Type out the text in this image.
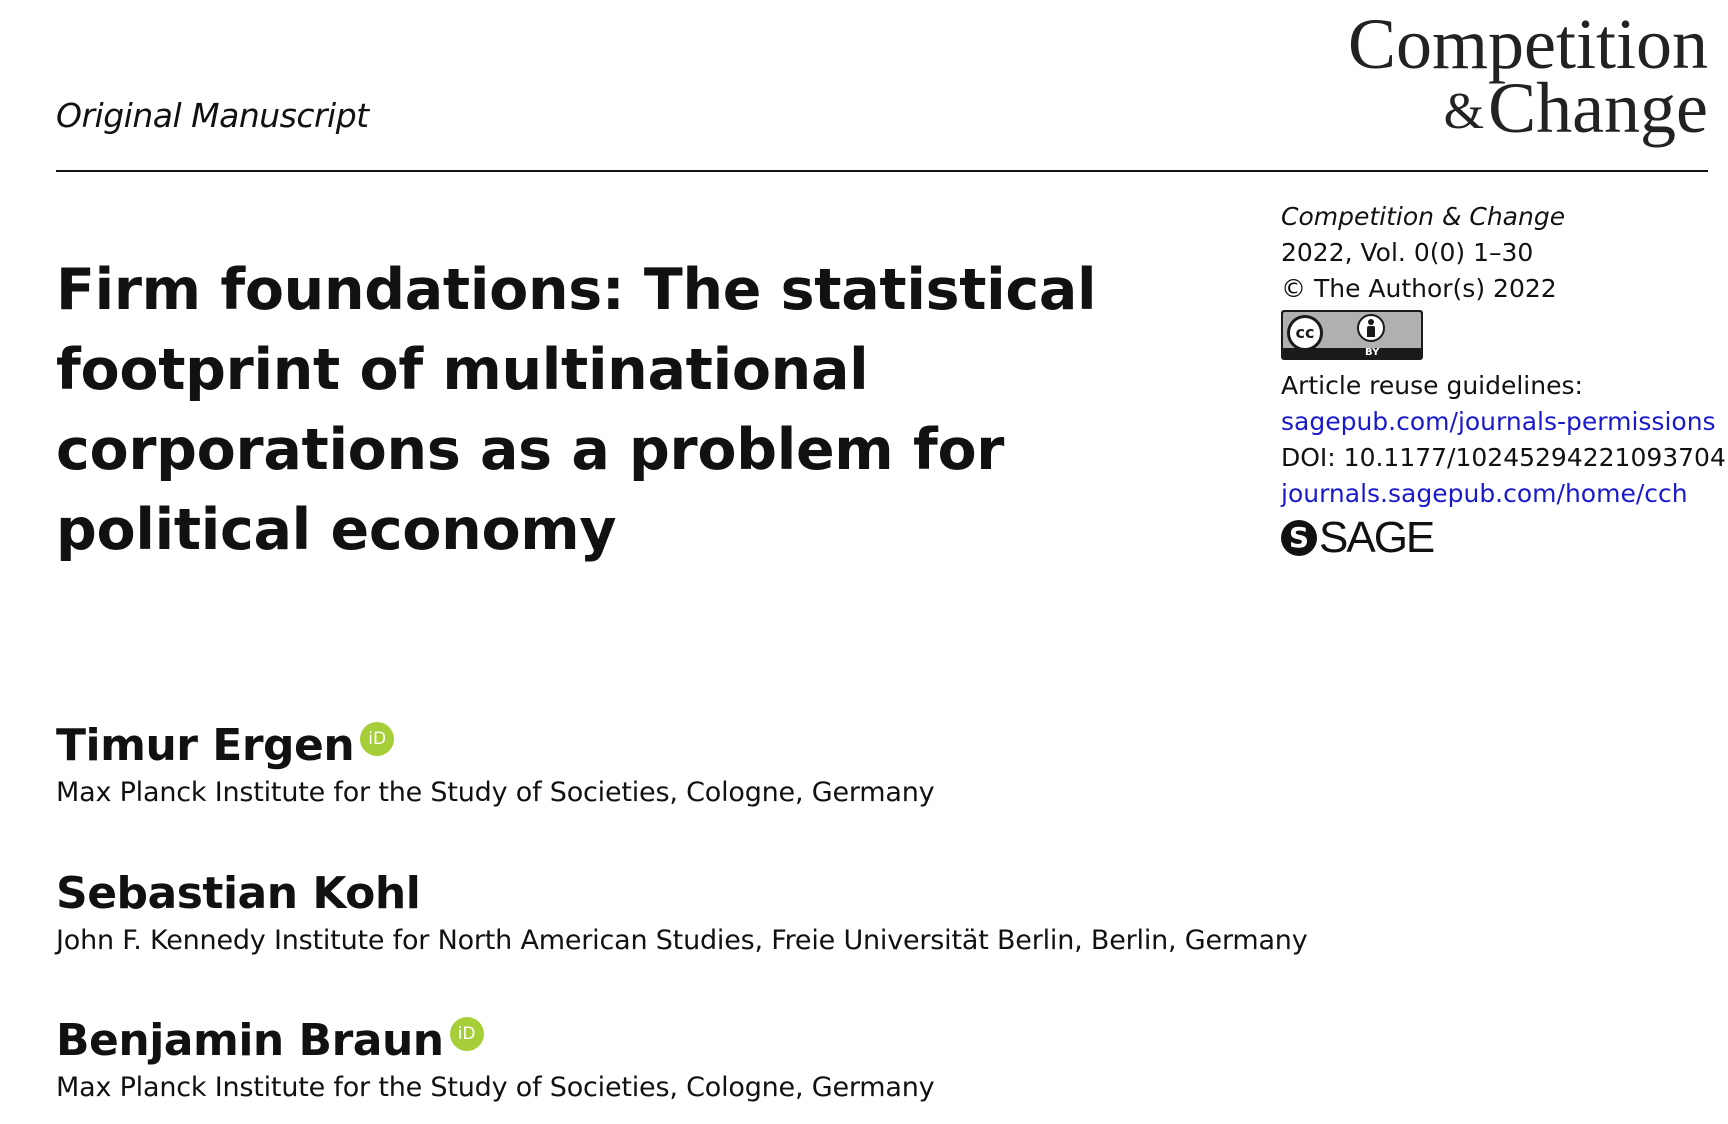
Original Manuscript
Competition
&Change
Firm foundations: The statistical footprint of multinational corporations as a problem for political economy
Competition & Change
2022, Vol. 0(0) 1–30
© The Author(s) 2022
cc
BY
Article reuse guidelines:
sagepub.com/journals-permissions
DOI: 10.1177/10245294221093704
journals.sagepub.com/home/cch
S SAGE
Timur Ergen iD
Max Planck Institute for the Study of Societies, Cologne, Germany
Sebastian Kohl
John F. Kennedy Institute for North American Studies, Freie Universität Berlin, Berlin, Germany
Benjamin Braun iD
Max Planck Institute for the Study of Societies, Cologne, Germany
